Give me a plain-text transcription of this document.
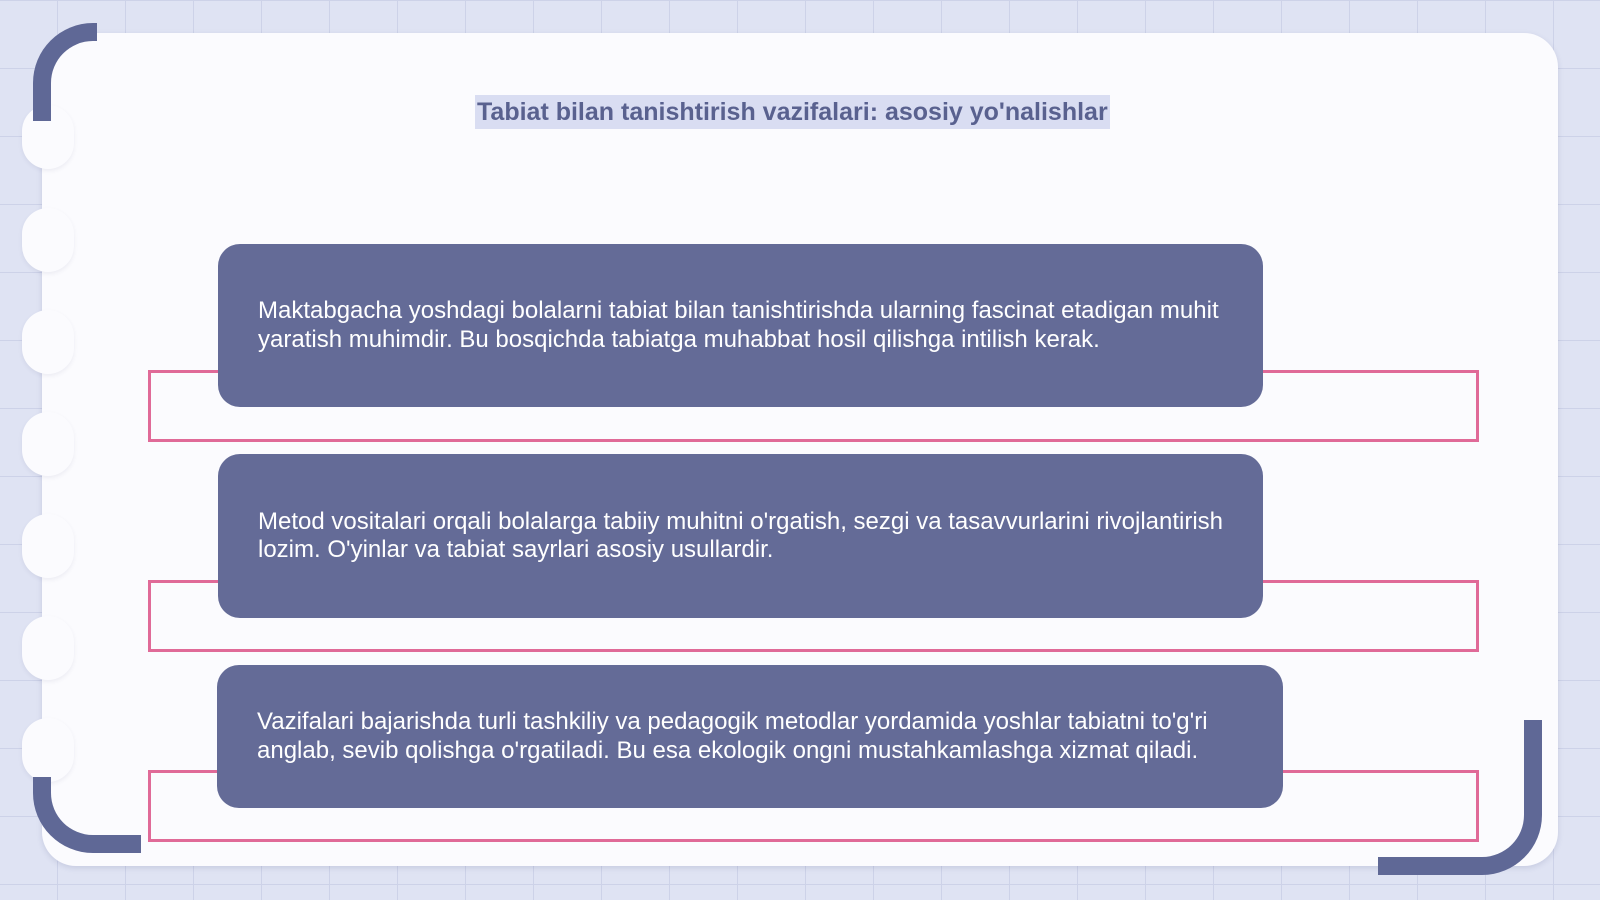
Tabiat bilan tanishtirish vazifalari: asosiy yo'nalishlar
Maktabgacha yoshdagi bolalarni tabiat bilan tanishtirishda ularning fascinat etadigan muhit yaratish muhimdir. Bu bosqichda tabiatga muhabbat hosil qilishga intilish kerak.
Metod vositalari orqali bolalarga tabiiy muhitni o'rgatish, sezgi va tasavvurlarini rivojlantirish lozim. O'yinlar va tabiat sayrlari asosiy usullardir.
Vazifalari bajarishda turli tashkiliy va pedagogik metodlar yordamida yoshlar tabiatni to'g'ri anglab, sevib qolishga o'rgatiladi. Bu esa ekologik ongni mustahkamlashga xizmat qiladi.
